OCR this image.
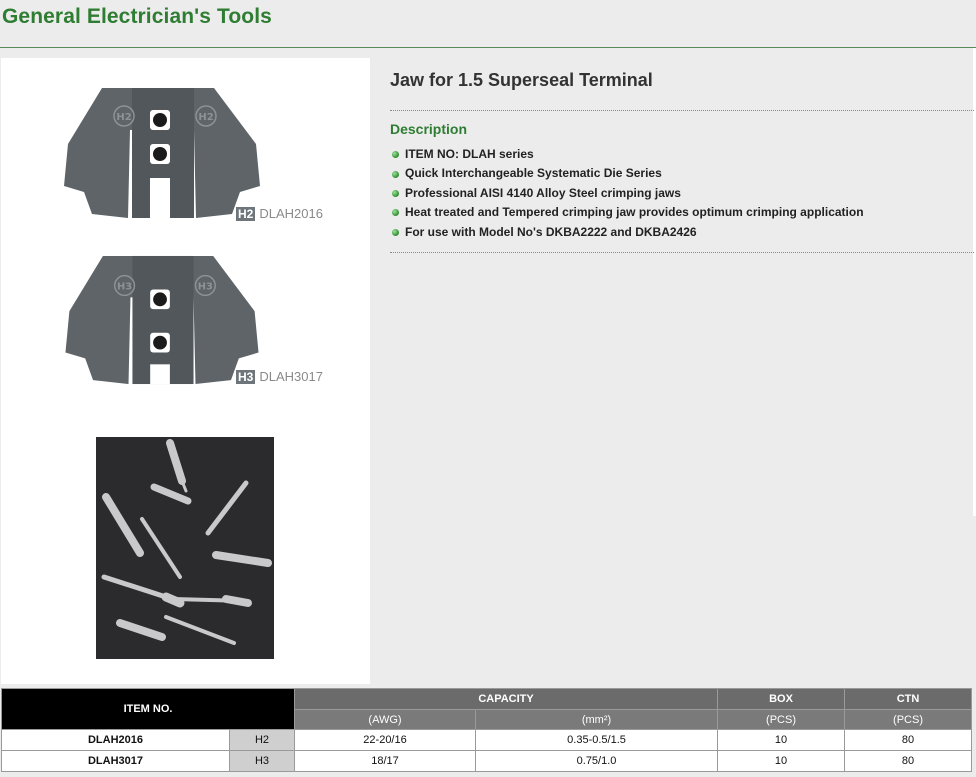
General Electrician's Tools
H2	H2
H2 DLAH2016
H3	H3
H3 DLAH3017
Jaw for 1.5 Superseal Terminal
Description
ITEM NO: DLAH series
Quick Interchangeable Systematic Die Series
Professional AISI 4140 Alloy Steel crimping jaws
Heat treated and Tempered crimping jaw provides optimum crimping application
For use with Model No's DKBA2222 and DKBA2426
ITEM NO.		CAPACITY		BOX	CTN
		(AWG)	(mm²)	(PCS)	(PCS)
DLAH2016	H2	22-20/16	0.35-0.5/1.5	10	80
DLAH3017	H3	18/17	0.75/1.0	10	80
